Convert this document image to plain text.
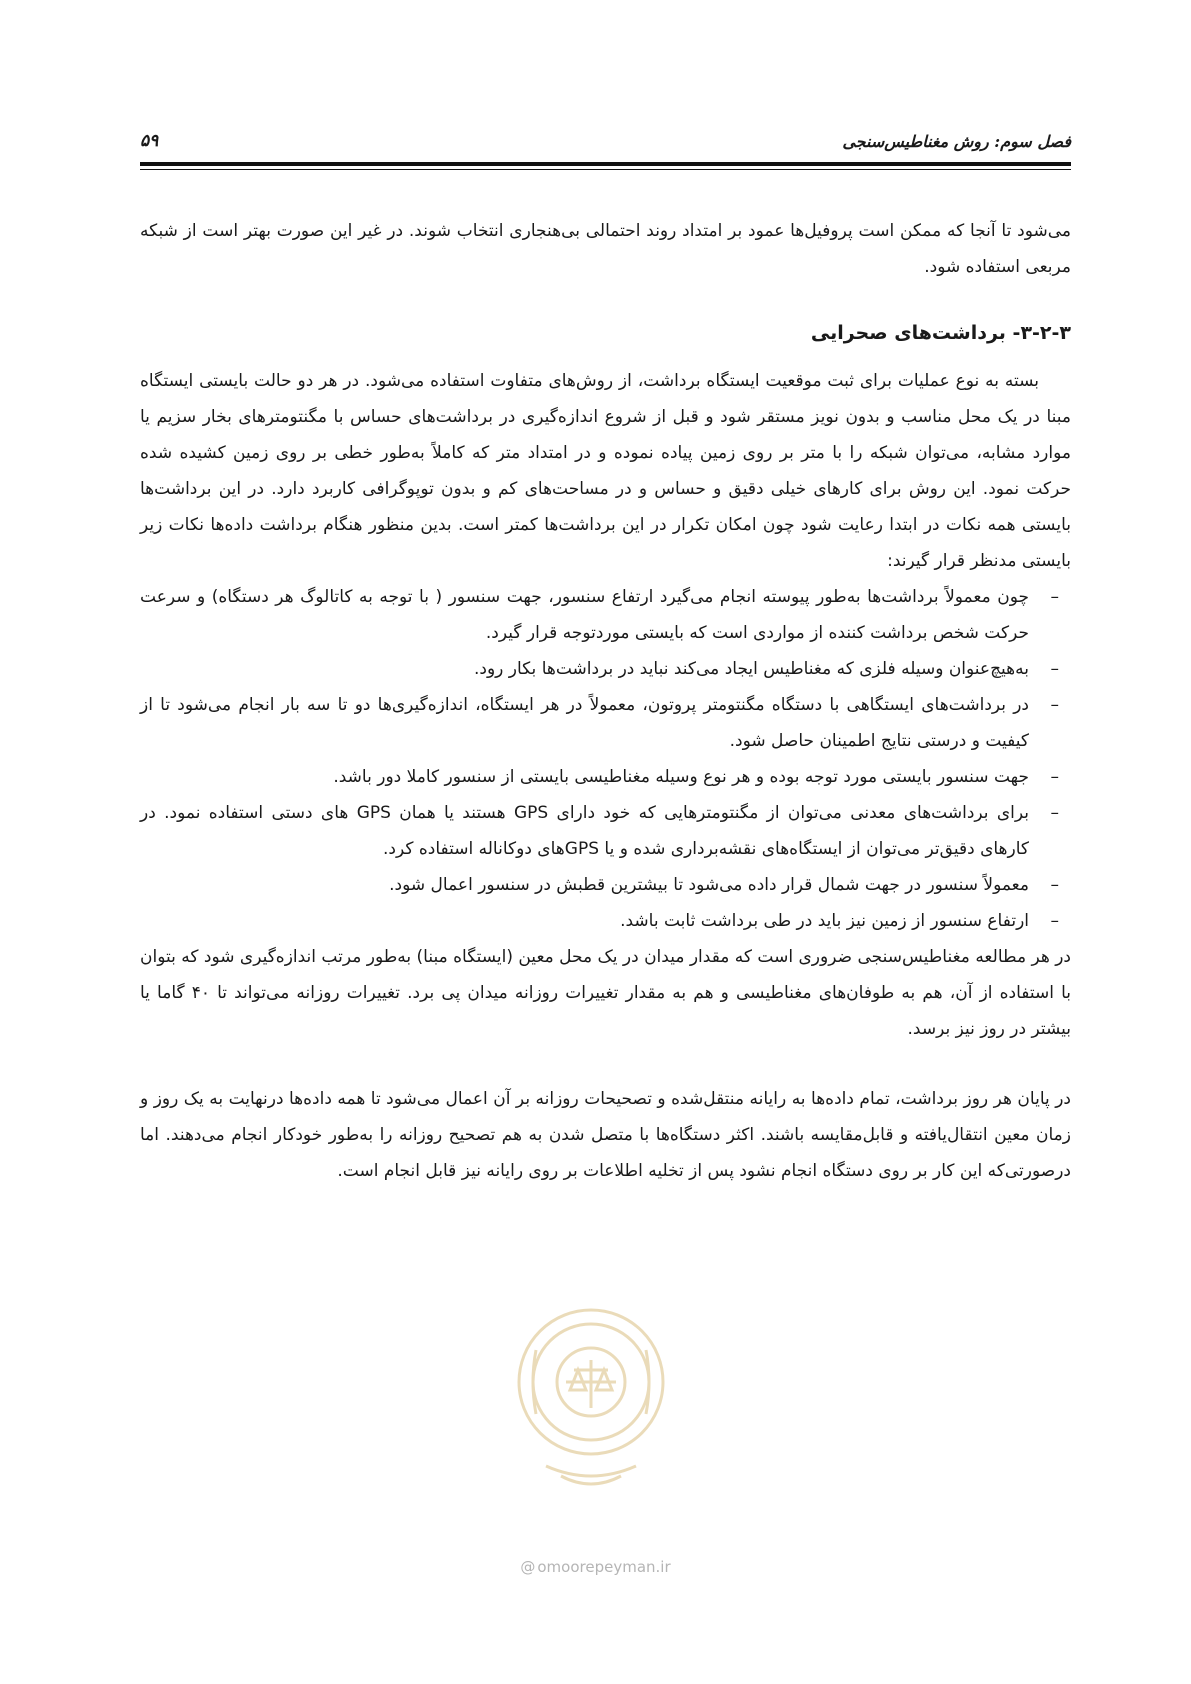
فصل سوم: روش مغناطیس‌سنجی
۵۹

می‌شود تا آنجا که ممکن است پروفیل‌ها عمود بر امتداد روند احتمالی بی‌هنجاری انتخاب شوند. در غیر این صورت بهتر است از شبکه مربعی استفاده شود.

۳-۲-۳- برداشت‌های صحرایی

بسته به نوع عملیات برای ثبت موقعیت ایستگاه برداشت، از روش‌های متفاوت استفاده می‌شود. در هر دو حالت بایستی ایستگاه مبنا در یک محل مناسب و بدون نویز مستقر شود و قبل از شروع اندازه‌گیری در برداشت‌های حساس با مگنتومترهای بخار سزیم یا موارد مشابه، می‌توان شبکه را با متر بر روی زمین پیاده نموده و در امتداد متر که کاملاً به‌طور خطی بر روی زمین کشیده شده حرکت نمود. این روش برای کارهای خیلی دقیق و حساس و در مساحت‌های کم و بدون توپوگرافی کاربرد دارد. در این برداشت‌ها بایستی همه نکات در ابتدا رعایت شود چون امکان تکرار در این برداشت‌ها کمتر است. بدین منظور هنگام برداشت داده‌ها نکات زیر بایستی مدنظر قرار گیرند:

–
چون معمولاً برداشت‌ها به‌طور پیوسته انجام می‌گیرد ارتفاع سنسور، جهت سنسور ( با توجه به کاتالوگ هر دستگاه) و سرعت حرکت شخص برداشت کننده از مواردی است که بایستی موردتوجه قرار گیرد.
–
به‌هیچ‌عنوان وسیله فلزی که مغناطیس ایجاد می‌کند نباید در برداشت‌ها بکار رود.
–
در برداشت‌های ایستگاهی با دستگاه مگنتومتر پروتون، معمولاً در هر ایستگاه، اندازه‌گیری‌ها دو تا سه بار انجام می‌شود تا از کیفیت و درستی نتایج اطمینان حاصل شود.
–
جهت سنسور بایستی مورد توجه بوده و هر نوع وسیله مغناطیسی بایستی از سنسور کاملا دور باشد.
–
برای برداشت‌های معدنی می‌توان از مگنتومترهایی که خود دارای GPS هستند یا همان GPS های دستی استفاده نمود. در کارهای دقیق‌تر می‌توان از ایستگاه‌های نقشه‌برداری شده و یا GPSهای دوکاناله استفاده کرد.
–
معمولاً سنسور در جهت شمال قرار داده می‌شود تا بیشترین قطبش در سنسور اعمال شود.
–
ارتفاع سنسور از زمین نیز باید در طی برداشت ثابت باشد.

در هر مطالعه مغناطیس‌سنجی ضروری است که مقدار میدان در یک محل معین (ایستگاه مبنا) به‌طور مرتب اندازه‌گیری شود که بتوان با استفاده از آن، هم به طوفان‌های مغناطیسی و هم به مقدار تغییرات روزانه میدان پی برد. تغییرات روزانه می‌تواند تا ۴۰ گاما یا بیشتر در روز نیز برسد.

در پایان هر روز برداشت، تمام داده‌ها به رایانه منتقل‌شده و تصحیحات روزانه بر آن اعمال می‌شود تا همه داده‌ها درنهایت به یک روز و زمان معین انتقال‌یافته و قابل‌مقایسه باشند. اکثر دستگاه‌ها با متصل شدن به هم تصحیح روزانه را به‌طور خودکار انجام می‌دهند. اما درصورتی‌که این کار بر روی دستگاه انجام نشود پس از تخلیه اطلاعات بر روی رایانه نیز قابل انجام است.

@ omoorepeyman.ir
